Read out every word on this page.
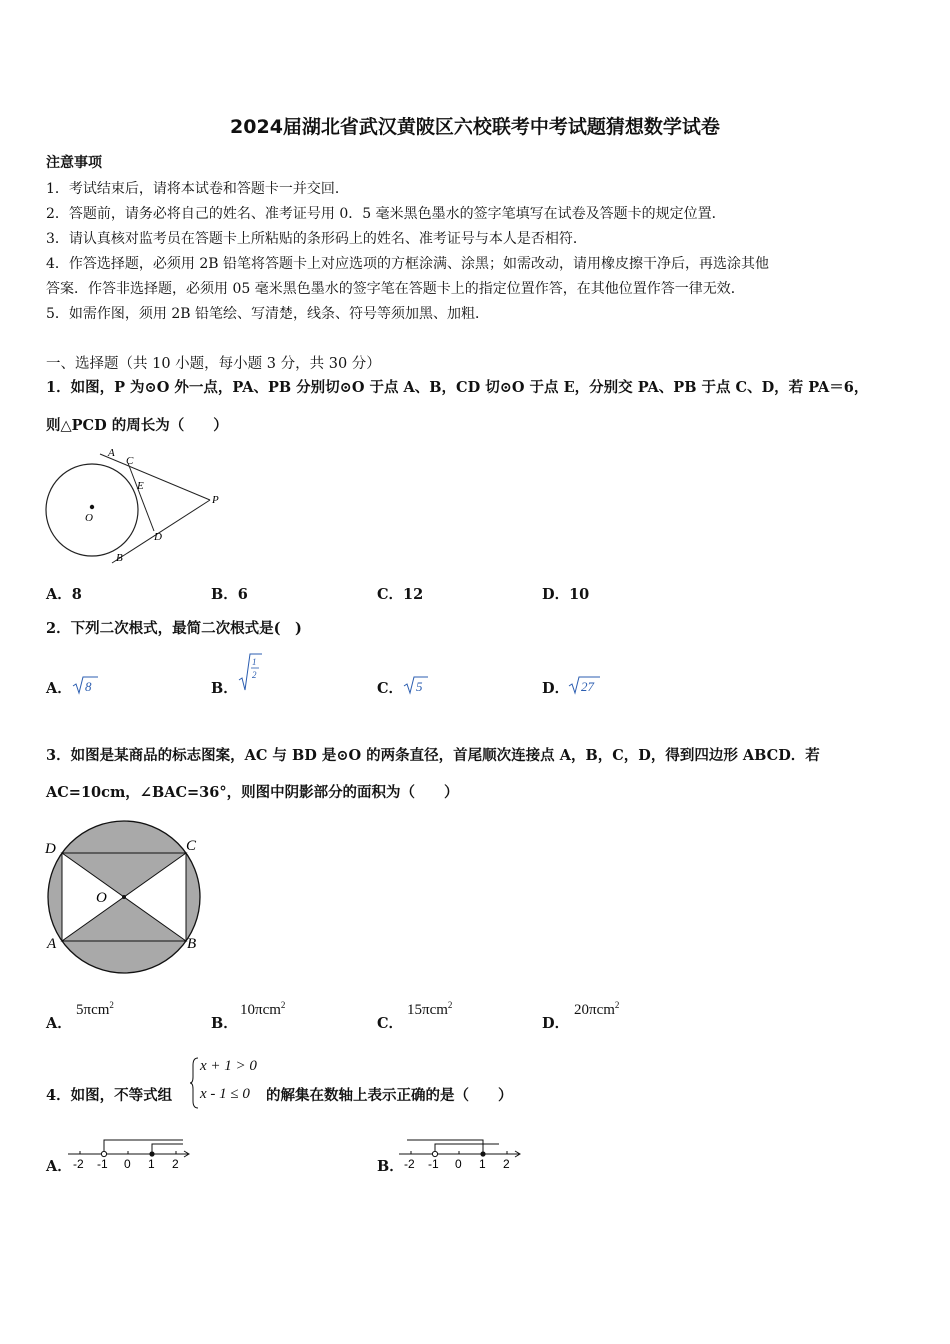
2024届湖北省武汉黄陂区六校联考中考试题猜想数学试卷
注意事项
1．考试结束后，请将本试卷和答题卡一并交回．
2．答题前，请务必将自己的姓名、准考证号用 0．5 毫米黑色墨水的签字笔填写在试卷及答题卡的规定位置．
3．请认真核对监考员在答题卡上所粘贴的条形码上的姓名、准考证号与本人是否相符．
4．作答选择题，必须用 2B 铅笔将答题卡上对应选项的方框涂满、涂黑；如需改动，请用橡皮擦干净后，再选涂其他
答案．作答非选择题，必须用 05 毫米黑色墨水的签字笔在答题卡上的指定位置作答，在其他位置作答一律无效．
5．如需作图，须用 2B 铅笔绘、写清楚，线条、符号等须加黑、加粗．
一、选择题（共 10 小题，每小题 3 分，共 30 分）
1．如图，P 为⊙O 外一点，PA、PB 分别切⊙O 于点 A、B，CD 切⊙O 于点 E，分别交 PA、PB 于点 C、D，若 PA＝6，
则△PCD 的周长为（　　）
A
C
E
P
O
D
B
A．8	B．6	C．12	D．10
2．下列二次根式，最简二次根式是(　)
A． 8	B．
1
2
C． 5	D． 27
3．如图是某商品的标志图案，AC 与 BD 是⊙O 的两条直径，首尾顺次连接点 A，B，C，D，得到四边形 ABCD．若
AC=10cm，∠BAC=36°，则图中阴影部分的面积为（　　）
D	C
O
A	B
A．
5πcm$^2$
B．
10πcm$^2$
C．
15πcm$^2$
D．
20πcm$^2$
4．如图，不等式组
x + 1 > 0
x - 1 ≤ 0 的解集在数轴上表示正确的是（　　）
A． -2 -1 0 1 2	B． -2 -1 0 1 2
